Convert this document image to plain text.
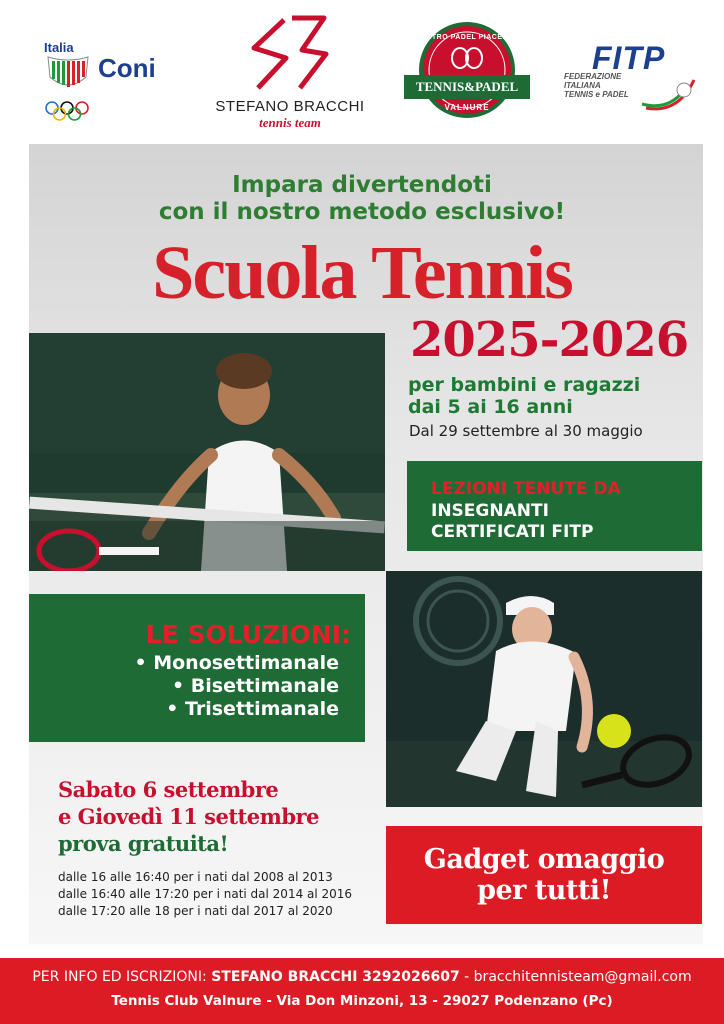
Italia
Coni
STEFANO BRACCHI
tennis team
CENTRO PADEL PIACENZA
TENNIS&PADEL
VALNURE
FITP
FEDERAZIONE
ITALIANA
TENNIS e PADEL
Impara divertendoti
con il nostro metodo esclusivo!
Scuola Tennis
2025-2026
per bambini e ragazzi
dai 5 ai 16 anni
Dal 29 settembre al 30 maggio
LEZIONI TENUTE DA
INSEGNANTI
CERTIFICATI FITP
LE SOLUZIONI:
• Monosettimanale
• Bisettimanale
• Trisettimanale
Sabato 6 settembre
e Giovedì 11 settembre
prova gratuita!
dalle 16 alle 16:40 per i nati dal 2008 al 2013
dalle 16:40 alle 17:20 per i nati dal 2014 al 2016
dalle 17:20 alle 18 per i nati dal 2017 al 2020
Gadget omaggio
per tutti!
PER INFO ED ISCRIZIONI: STEFANO BRACCHI 3292026607 - bracchitennisteam@gmail.com
Tennis Club Valnure - Via Don Minzoni, 13 - 29027 Podenzano (Pc)
